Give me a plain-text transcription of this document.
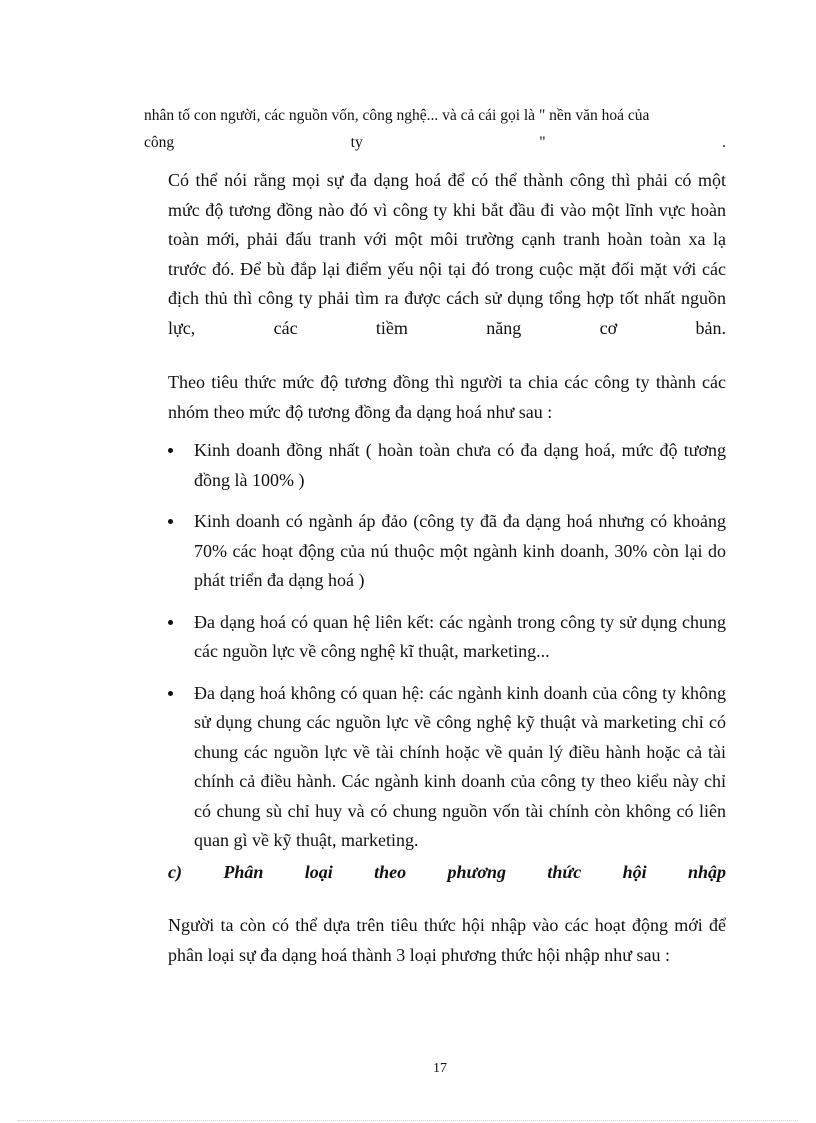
nhân tố con người, các nguồn vốn, công nghệ... và cả cái gọi là " nền văn hoá của
công ty " .

Có thể nói rằng mọi sự đa dạng hoá để có thể thành công thì phải có một mức độ tương đồng nào đó vì công ty khi bắt đầu đi vào một lĩnh vực hoàn toàn mới, phải đấu tranh với một môi trường cạnh tranh hoàn toàn xa lạ trước đó. Để bù đắp lại điểm yếu nội tại đó trong cuộc mặt đối mặt với các địch thủ thì công ty phải tìm ra được cách sử dụng tổng hợp tốt nhất nguồn lực, các tiềm năng cơ bản.

Theo tiêu thức mức độ tương đồng thì người ta chia các công ty thành các nhóm theo mức độ tương đồng đa dạng hoá như sau :

Kinh doanh đồng nhất ( hoàn toàn chưa có đa dạng hoá, mức độ tương đồng là 100% )
Kinh doanh có ngành áp đảo (công ty đã đa dạng hoá nhưng có khoảng 70% các hoạt động của nú thuộc một ngành kinh doanh, 30% còn lại do phát triển đa dạng hoá )
Đa dạng hoá có quan hệ liên kết: các ngành trong công ty sử dụng chung các nguồn lực về công nghệ kĩ thuật, marketing...
Đa dạng hoá không có quan hệ: các ngành kinh doanh của công ty không sử dụng chung các nguồn lực về công nghệ kỹ thuật và marketing chỉ có chung các nguồn lực về tài chính hoặc về quản lý điều hành hoặc cả tài chính cả điều hành. Các ngành kinh doanh của công ty theo kiểu này chỉ có chung sù chỉ huy và có chung nguồn vốn tài chính còn không có liên quan gì về kỹ thuật, marketing.
c) Phân loại theo phương thức hội nhập

Người ta còn có thể dựa trên tiêu thức hội nhập vào các hoạt động mới để phân loại sự đa dạng hoá thành 3 loại phương thức hội nhập như sau :

17
